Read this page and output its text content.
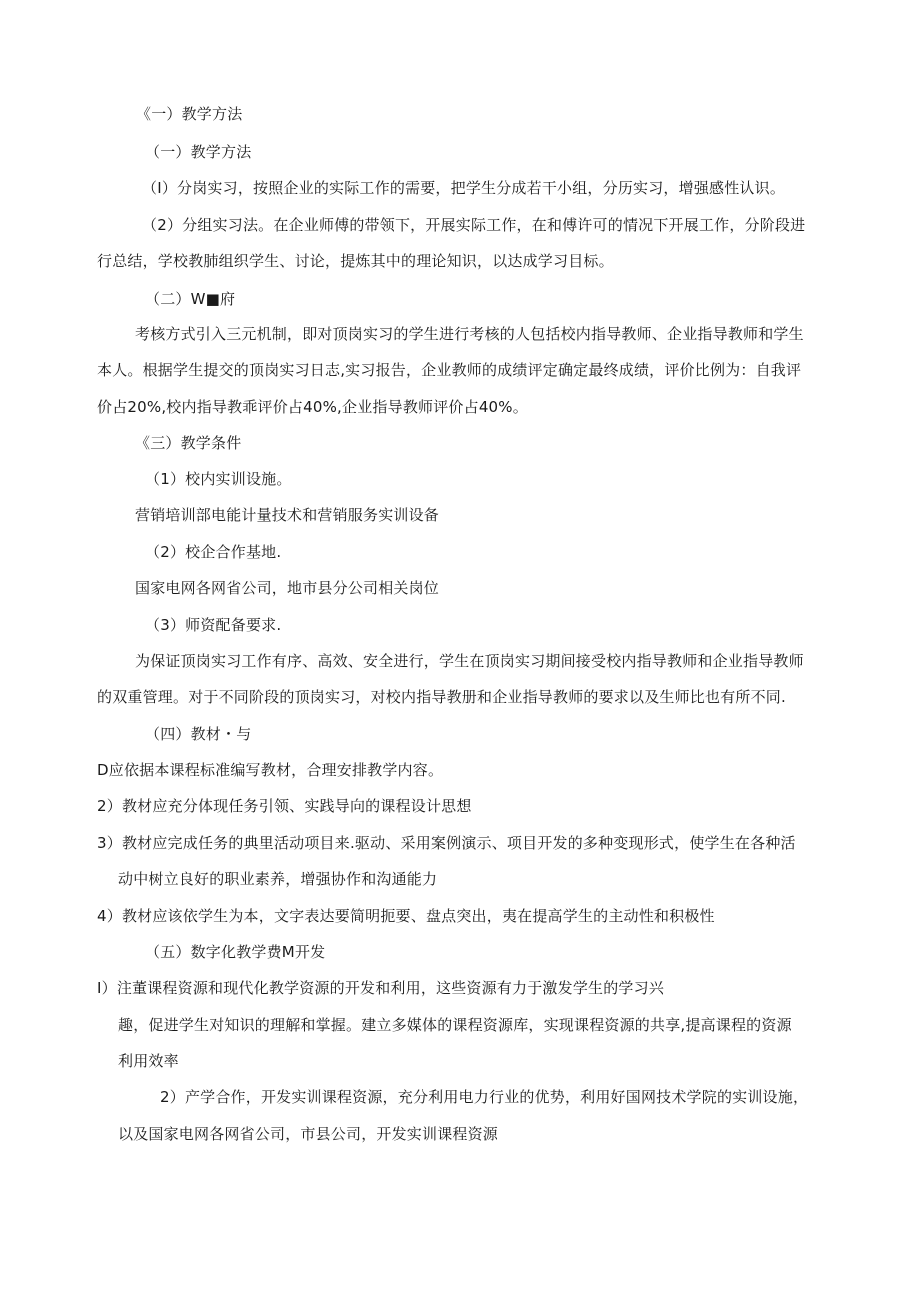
《一）教学方法

（一）教学方法

（I）分岗实习，按照企业的实际工作的需要，把学生分成若干小组，分历实习，增强感性认识。

（2）分组实习法。在企业师傅的带领下，开展实际工作，在和傅许可的情况下开展工作，分阶段进

行总结，学校教肺组织学生、讨论，提炼其中的理论知识，以达成学习目标。

（二）W■府

考核方式引入三元机制，即对顶岗实习的学生进行考核的人包括校内指导教师、企业指导教师和学生

本人。根据学生提交的顶岗实习日志,实习报告，企业教师的成绩评定确定最终成绩，评价比例为：自我评

价占20%,校内指导教乖评价占40%,企业指导教师评价占40%。

《三）教学条件

（1）校内实训设施。

营销培训部电能计量技术和营销服务实训设备

（2）校企合作基地.

国家电网各网省公司，地市县分公司相关岗位

（3）师资配备要求.

为保证顶岗实习工作有序、高效、安全进行，学生在顶岗实习期间接受校内指导教师和企业指导教师

的双重管理。对于不同阶段的顶岗实习，对校内指导教册和企业指导教师的要求以及生师比也有所不同.

（四）教材・与

D应依据本课程标准编写教材，合理安排教学内容。

2）教材应充分体现任务引领、实践导向的课程设计思想

3）教材应完成任务的典里活动项目来.驱动、采用案例演示、项目开发的多种变现形式，使学生在各种活

动中树立良好的职业素养，增强协作和沟通能力

4）教材应该依学生为本，文字表达要简明扼要、盘点突出，夷在提高学生的主动性和积极性

（五）数字化教学费M开发

I）注董课程资源和现代化教学资源的开发和利用，这些资源有力于激发学生的学习兴

趣，促进学生对知识的理解和掌握。建立多媒体的课程资源库，实现课程资源的共享,提高课程的资源

利用效率

2）产学合作，开发实训课程资源，充分利用电力行业的优势，利用好国网技术学院的实训设施，

以及国家电网各网省公司，市县公司，开发实训课程资源
